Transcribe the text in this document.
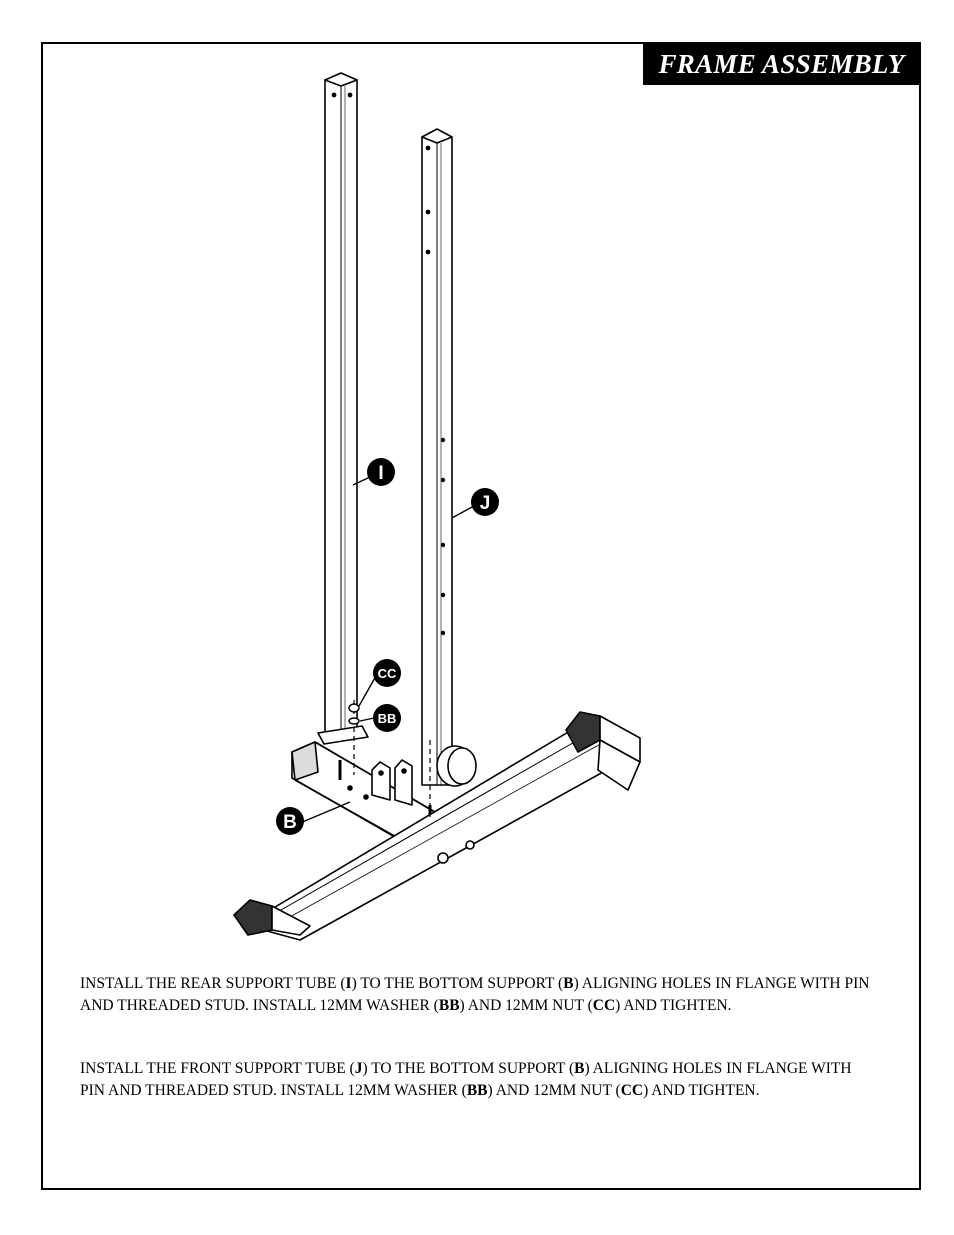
FRAME ASSEMBLY
I
J
B
CC
BB

INSTALL THE REAR SUPPORT TUBE (I) TO THE BOTTOM SUPPORT (B) ALIGNING HOLES IN FLANGE WITH PIN AND THREADED STUD. INSTALL 12MM WASHER (BB) AND 12MM NUT (CC) AND TIGHTEN.

INSTALL THE FRONT SUPPORT TUBE (J) TO THE BOTTOM SUPPORT (B) ALIGNING HOLES IN FLANGE WITH PIN AND THREADED STUD. INSTALL 12MM WASHER (BB) AND 12MM NUT (CC) AND TIGHTEN.
